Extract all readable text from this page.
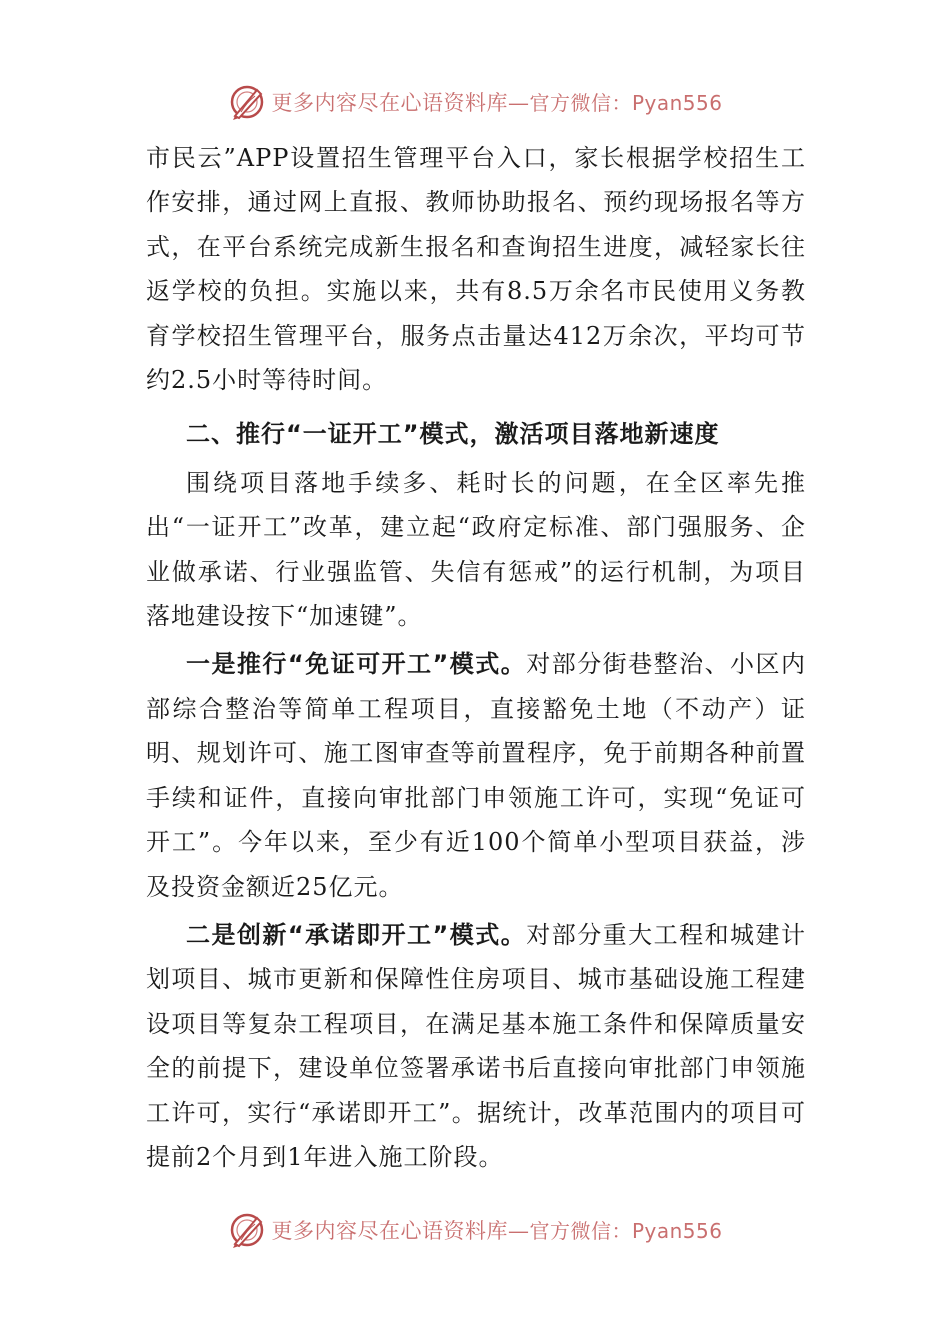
更多内容尽在心语资料库—官方微信：Pyan556

市民云”APP设置招生管理平台入口，家长根据学校招生工作安排，通过网上直报、教师协助报名、预约现场报名等方式，在平台系统完成新生报名和查询招生进度，减轻家长往返学校的负担。实施以来，共有8.5万余名市民使用义务教育学校招生管理平台，服务点击量达412万余次，平均可节约2.5小时等待时间。

二、推行“一证开工”模式，激活项目落地新速度

围绕项目落地手续多、耗时长的问题，在全区率先推出“一证开工”改革，建立起“政府定标准、部门强服务、企业做承诺、行业强监管、失信有惩戒”的运行机制，为项目落地建设按下“加速键”。

一是推行“免证可开工”模式。对部分街巷整治、小区内部综合整治等简单工程项目，直接豁免土地（不动产）证明、规划许可、施工图审查等前置程序，免于前期各种前置手续和证件，直接向审批部门申领施工许可，实现“免证可开工”。今年以来，至少有近100个简单小型项目获益，涉及投资金额近25亿元。

二是创新“承诺即开工”模式。对部分重大工程和城建计划项目、城市更新和保障性住房项目、城市基础设施工程建设项目等复杂工程项目，在满足基本施工条件和保障质量安全的前提下，建设单位签署承诺书后直接向审批部门申领施工许可，实行“承诺即开工”。据统计，改革范围内的项目可提前2个月到1年进入施工阶段。

更多内容尽在心语资料库—官方微信：Pyan556
